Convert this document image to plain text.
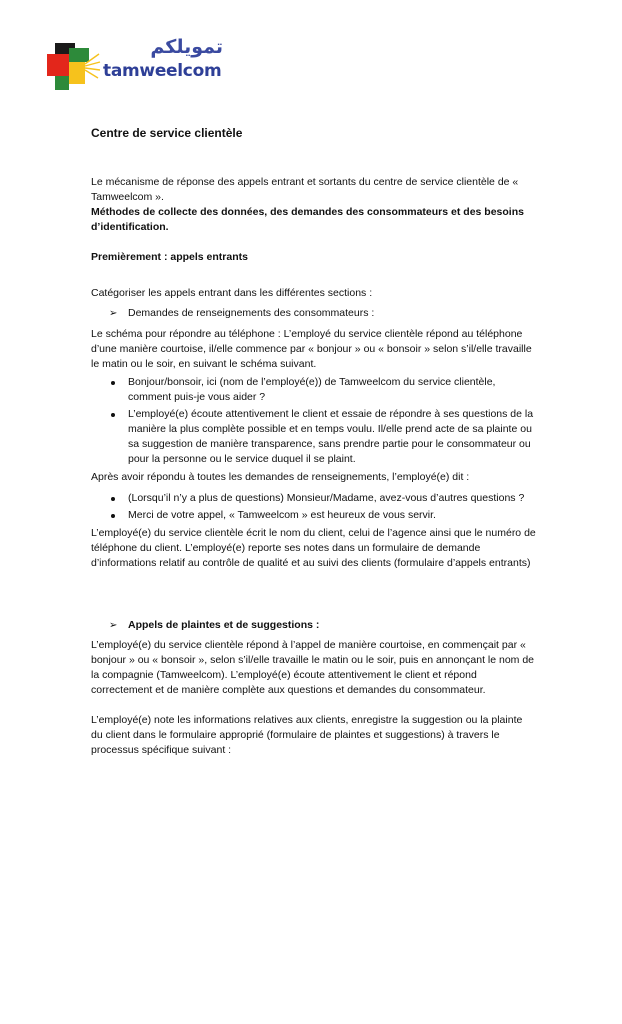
تمويلكم
tamweelcom

Centre de service clientèle

Le mécanisme de réponse des appels entrant et sortants du centre de service clientèle de « Tamweelcom ».

Méthodes de collecte des données, des demandes des consommateurs et des besoins d’identification.

Premièrement : appels entrants

Catégoriser les appels entrant dans les différentes sections :

➢ Demandes de renseignements des consommateurs :

Le schéma pour répondre au téléphone : L’employé du service clientèle répond au téléphone d’une manière courtoise, il/elle commence par « bonjour » ou « bonsoir » selon s’il/elle travaille le matin ou le soir, en suivant le schéma suivant.

Bonjour/bonsoir, ici (nom de l’employé(e)) de Tamweelcom du service clientèle, comment puis-je vous aider ?
L’employé(e) écoute attentivement le client et essaie de répondre à ses questions de la manière la plus complète possible et en temps voulu. Il/elle prend acte de sa plainte ou sa suggestion de manière transparence, sans prendre partie pour le consommateur ou pour la personne ou le service duquel il se plaint.

Après avoir répondu à toutes les demandes de renseignements, l’employé(e) dit :

(Lorsqu’il n’y a plus de questions) Monsieur/Madame, avez-vous d’autres questions ?
Merci de votre appel, « Tamweelcom » est heureux de vous servir.

L’employé(e) du service clientèle écrit le nom du client, celui de l’agence ainsi que le numéro de téléphone du client. L’employé(e) reporte ses notes dans un formulaire de demande d’informations relatif au contrôle de qualité et au suivi des clients (formulaire d’appels entrants)

➢ Appels de plaintes et de suggestions :

L’employé(e) du service clientèle répond à l’appel de manière courtoise, en commençait par « bonjour » ou « bonsoir », selon s’il/elle travaille le matin ou le soir, puis en annonçant le nom de la compagnie (Tamweelcom). L’employé(e) écoute attentivement le client et répond correctement et de manière complète aux questions et demandes du consommateur.

L’employé(e) note les informations relatives aux clients, enregistre la suggestion ou la plainte du client dans le formulaire approprié (formulaire de plaintes et suggestions) à travers le processus spécifique suivant :
